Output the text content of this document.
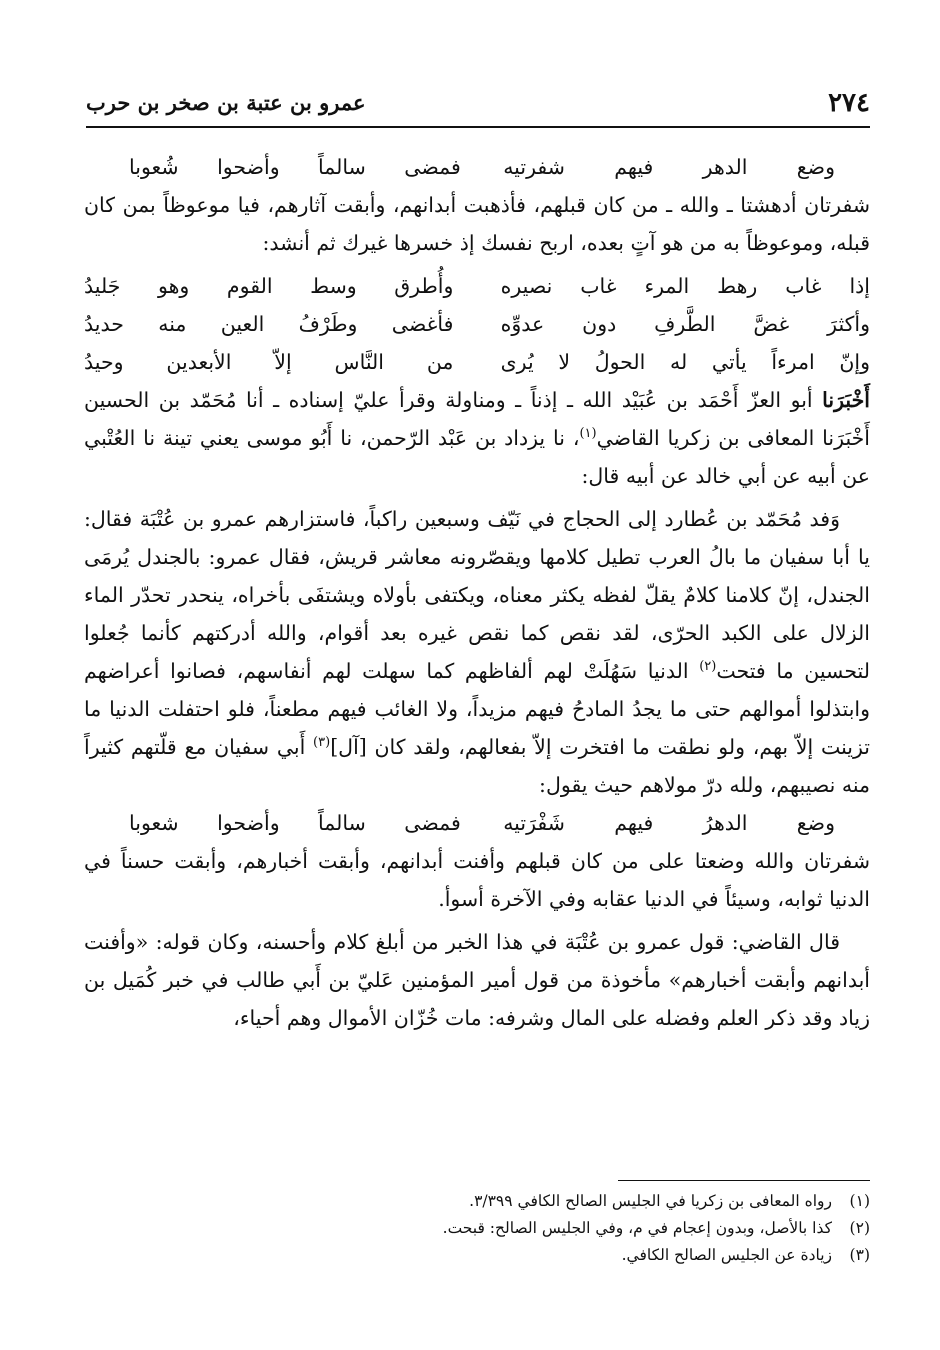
٢٧٤
عمرو بن عتبة بن صخر بن حرب
وضع الدهر فيهم شفرتيه
فمضى سالماً وأضحوا شُعوبا

شفرتان أدهشتا ـ والله ـ من كان قبلهم، فأذهبت أبدانهم، وأبقت آثارهم، فيا موعوظاً بمن كان قبله، وموعوظاً به من هو آتٍ بعده، اربح نفسك إذ خسرها غيرك ثم أنشد:

إذا غاب رهط المرء غاب نصيره
وأُطرق وسط القوم وهو جَليدُ
وأكثرَ غضَّ الطَّرفِ دون عدوِّه
فأغضى وطَرْفُ العين منه حديدُ
وإنّ امرءاً يأتي له الحولُ لا يُرى
من النَّاس إلاّ الأبعدين وحيدُ

أَخْبَرَنا أبو العزّ أَحْمَد بن عُبَيْد الله ـ إذناً ـ ومناولة وقرأ عليّ إسناده ـ أنا مُحَمّد بن الحسين أَخْبَرَنا المعافى بن زكريا القاضي$^{(١)}$، نا يزداد بن عَبْد الرّحمن، نا أَبُو موسى يعني تينة نا العُتْبي عن أبيه عن أبي خالد عن أبيه قال:

وَفد مُحَمّد بن عُطارد إلى الحجاج في نَيّف وسبعين راكباً، فاستزارهم عمرو بن عُتْبَة فقال: يا أبا سفيان ما بالُ العرب تطيل كلامها ويقصّرونه معاشر قريش، فقال عمرو: بالجندل يُرمَى الجندل، إنّ كلامنا كلامٌ يقلّ لفظه يكثر معناه، ويكتفى بأولاه ويشتفَى بأخراه، ينحدر تحدّر الماء الزلال على الكبد الحرّى، لقد نقص كما نقص غيره بعد أقوام، والله أدركتهم كأنما جُعلوا لتحسين ما فتحت$^{(٢)}$ الدنيا سَهُلَتْ لهم ألفاظهم كما سهلت لهم أنفاسهم، فصانوا أعراضهم وابتذلوا أموالهم حتى ما يجدُ المادحُ فيهم مزيداً، ولا الغائب فيهم مطعناً، فلو احتفلت الدنيا ما تزينت إلاّ بهم، ولو نطقت ما افتخرت إلاّ بفعالهم، ولقد كان [آل]$^{(٣)}$ أَبي سفيان مع قلّتهم كثيراً منه نصيبهم، ولله درّ مولاهم حيث يقول:

وضع الدهرُ فيهم شَفْرَتيه
فمضى سالماً وأضحوا شعوبا

شفرتان والله وضعتا على من كان قبلهم وأفنت أبدانهم، وأبقت أخبارهم، وأبقت حسناً في الدنيا ثوابه، وسيئاً في الدنيا عقابه وفي الآخرة أسوأ.

قال القاضي: قول عمرو بن عُتْبَة في هذا الخبر من أبلغ كلام وأحسنه، وكان قوله: «وأفنت أبدانهم وأبقت أخبارهم» مأخوذة من قول أمير المؤمنين عَليّ بن أَبي طالب في خبر كُمَيل بن زياد وقد ذكر العلم وفضله على المال وشرفه: مات خُزّان الأموال وهم أحياء،

(١)
رواه المعافى بن زكريا في الجليس الصالح الكافي ٣/٣٩٩.
(٢)
كذا بالأصل، وبدون إعجام في م، وفي الجليس الصالح: قبحت.
(٣)
زيادة عن الجليس الصالح الكافي.
